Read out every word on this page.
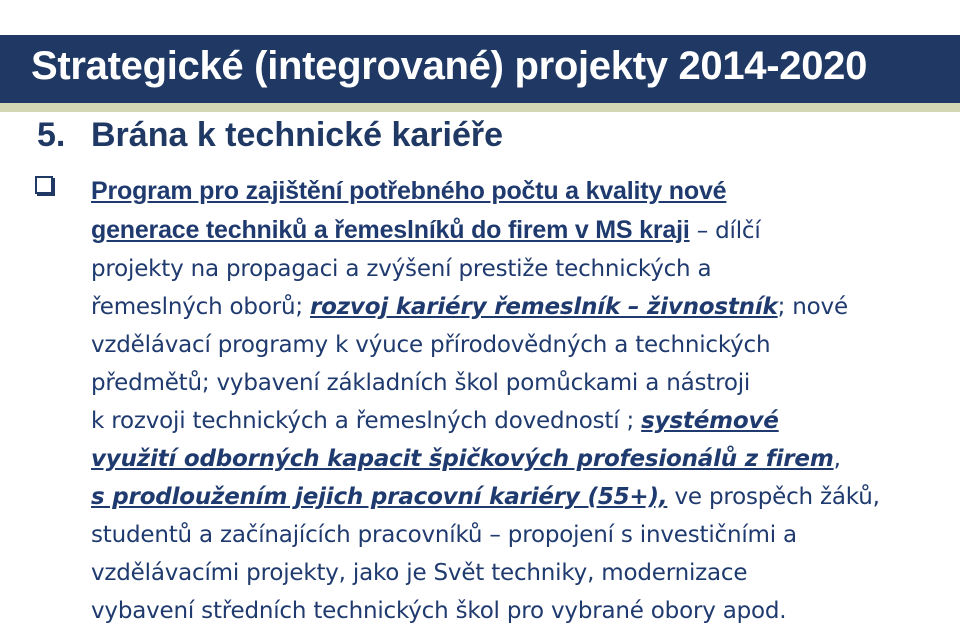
Strategické (integrované) projekty 2014-2020
5. Brána k technické kariéře
Program pro zajištění potřebného počtu a kvality nové
generace techniků a řemeslníků do firem v MS kraji – dílčí
projekty na propagaci a zvýšení prestiže technických a
řemeslných oborů; rozvoj kariéry řemeslník – živnostník; nové
vzdělávací programy k výuce přírodovědných a technických
předmětů; vybavení základních škol pomůckami a nástroji
k rozvoji technických a řemeslných dovedností ; systémové
využití odborných kapacit špičkových profesionálů z firem,
s prodloužením jejich pracovní kariéry (55+), ve prospěch žáků,
studentů a začínajících pracovníků – propojení s investičními a
vzdělávacími projekty, jako je Svět techniky, modernizace
vybavení středních technických škol pro vybrané obory apod.
